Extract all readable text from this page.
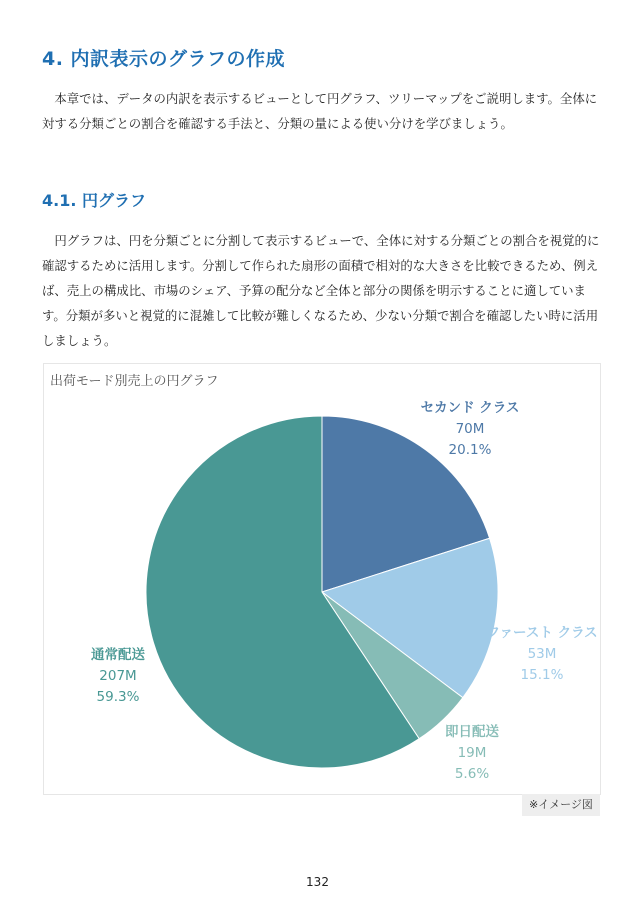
4. 内訳表示のグラフの作成

本章では、データの内訳を表示するビューとして円グラフ、ツリーマップをご説明します。全体に対する分類ごとの割合を確認する手法と、分類の量による使い分けを学びましょう。

4.1. 円グラフ

円グラフは、円を分類ごとに分割して表示するビューで、全体に対する分類ごとの割合を視覚的に確認するために活用します。分割して作られた扇形の面積で相対的な大きさを比較できるため、例えば、売上の構成比、市場のシェア、予算の配分など全体と部分の関係を明示することに適しています。分類が多いと視覚的に混雑して比較が難しくなるため、少ない分類で割合を確認したい時に活用しましょう。

出荷モード別売上の円グラフ
セカンド クラス
70M
20.1%
ファースト クラス
53M
15.1%
即日配送
19M
5.6%
通常配送
207M
59.3%
※イメージ図
132
